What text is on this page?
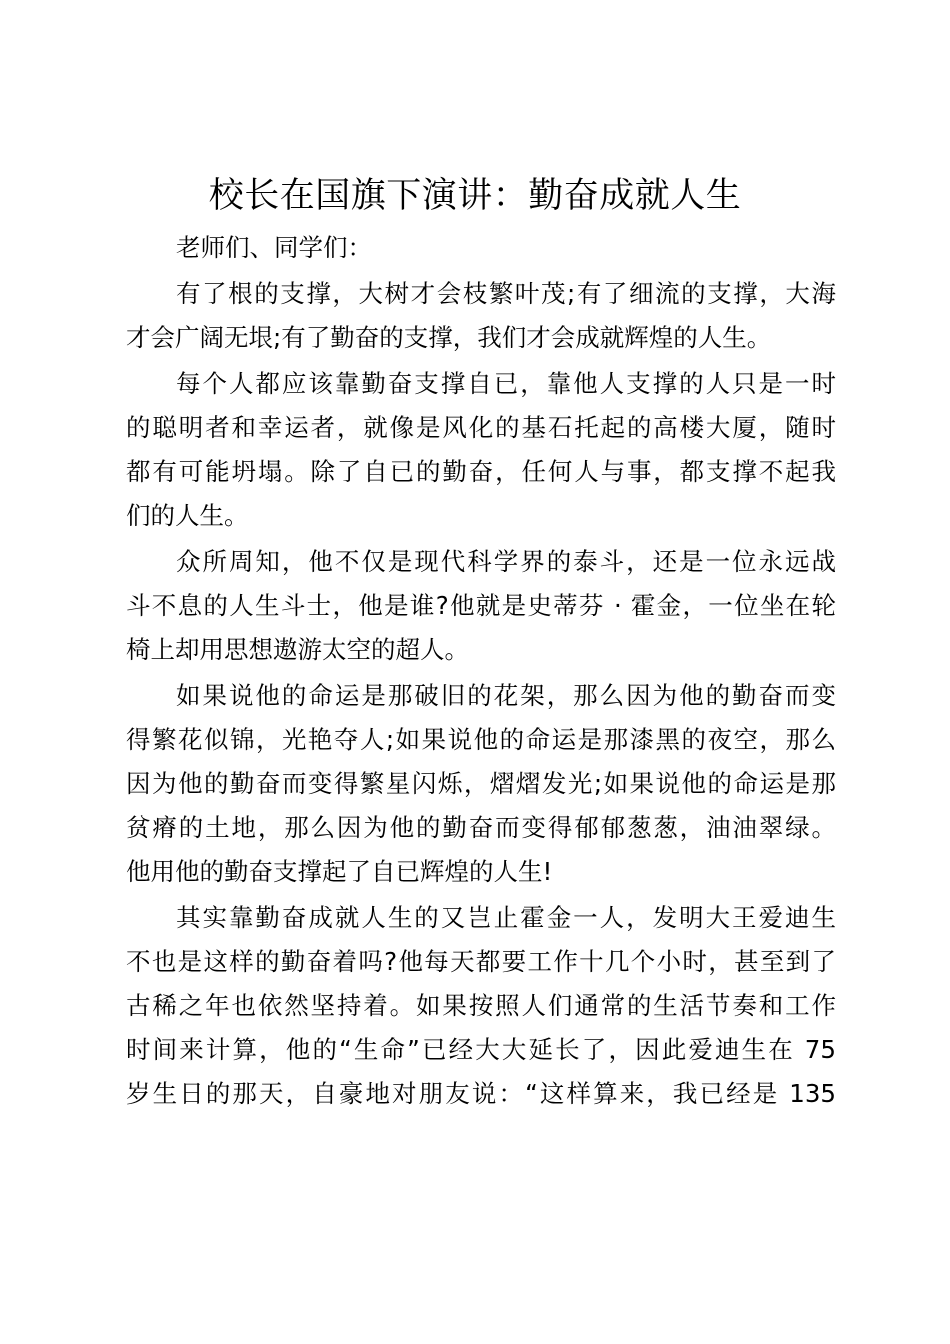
校长在国旗下演讲：勤奋成就人生
老师们、同学们：
有了根的支撑，大树才会枝繁叶茂;有了细流的支撑，大海
才会广阔无垠;有了勤奋的支撑，我们才会成就辉煌的人生。
每个人都应该靠勤奋支撑自已，靠他人支撑的人只是一时
的聪明者和幸运者，就像是风化的基石托起的高楼大厦，随时
都有可能坍塌。除了自已的勤奋，任何人与事，都支撑不起我
们的人生。
众所周知，他不仅是现代科学界的泰斗，还是一位永远战
斗不息的人生斗士，他是谁?他就是史蒂芬 · 霍金，一位坐在轮
椅上却用思想遨游太空的超人。
如果说他的命运是那破旧的花架，那么因为他的勤奋而变
得繁花似锦，光艳夺人;如果说他的命运是那漆黑的夜空，那么
因为他的勤奋而变得繁星闪烁，熠熠发光;如果说他的命运是那
贫瘠的土地，那么因为他的勤奋而变得郁郁葱葱，油油翠绿。
他用他的勤奋支撑起了自已辉煌的人生!
其实靠勤奋成就人生的又岂止霍金一人，发明大王爱迪生
不也是这样的勤奋着吗?他每天都要工作十几个小时，甚至到了
古稀之年也依然坚持着。如果按照人们通常的生活节奏和工作
时间来计算，他的“生命”已经大大延长了，因此爱迪生在 75
岁生日的那天，自豪地对朋友说：“这样算来，我已经是 135
